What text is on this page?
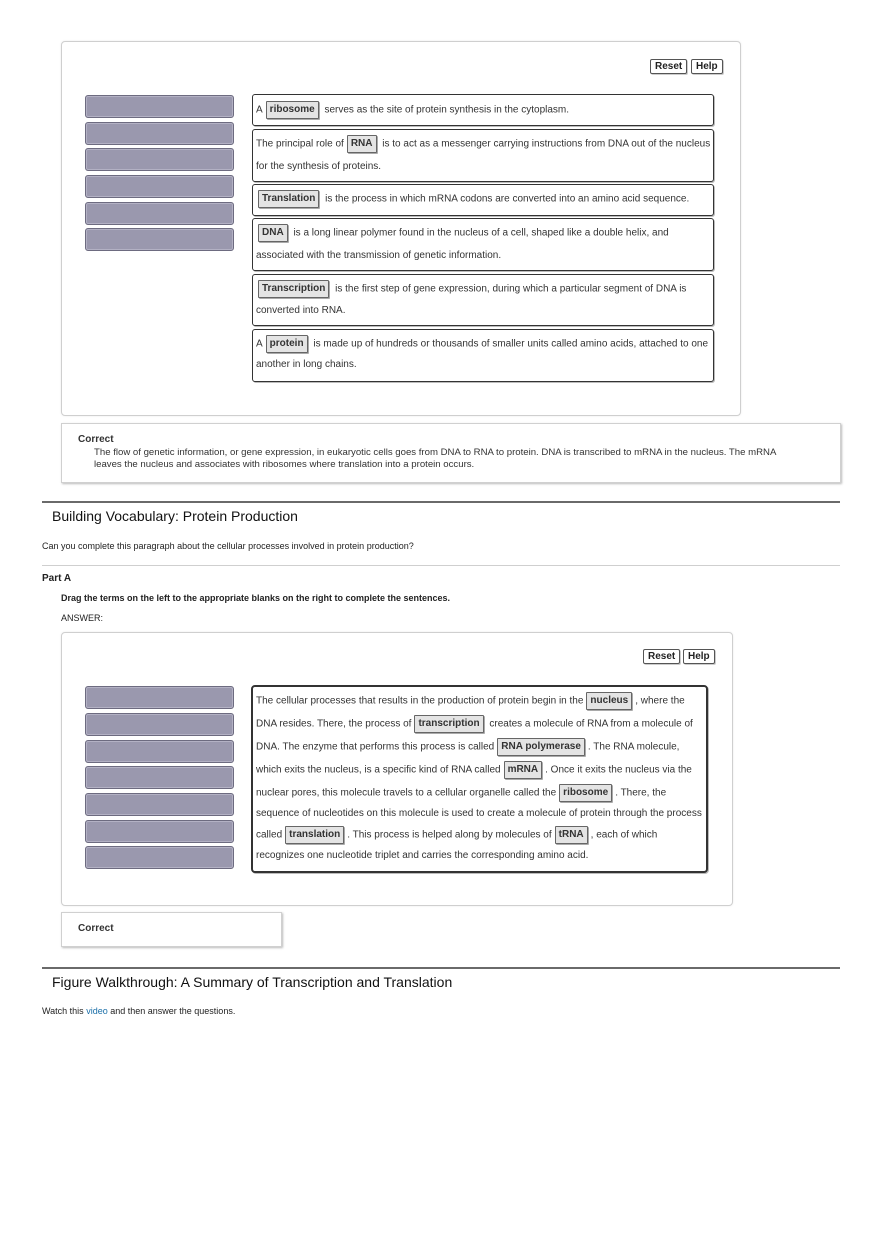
Reset	Help
A ribosome serves as the site of protein synthesis in the cytoplasm.
The principal role of RNA is to act as a messenger carrying instructions from DNA out of the nucleus
for the synthesis of proteins.
Translation is the process in which mRNA codons are converted into an amino acid sequence.
DNA is a long linear polymer found in the nucleus of a cell, shaped like a double helix, and
associated with the transmission of genetic information.
Transcription is the first step of gene expression, during which a particular segment of DNA is
converted into RNA.
A protein is made up of hundreds or thousands of smaller units called amino acids, attached to one
another in long chains.
Correct
The flow of genetic information, or gene expression, in eukaryotic cells goes from DNA to RNA to protein. DNA is transcribed to mRNA in the nucleus. The mRNA
leaves the nucleus and associates with ribosomes where translation into a protein occurs.
Building Vocabulary: Protein Production
Can you complete this paragraph about the cellular processes involved in protein production?
Part A
Drag the terms on the left to the appropriate blanks on the right to complete the sentences.
ANSWER:
Reset	Help
The cellular processes that results in the production of protein begin in the nucleus , where the
DNA resides. There, the process of transcription creates a molecule of RNA from a molecule of
DNA. The enzyme that performs this process is called RNA polymerase . The RNA molecule,
which exits the nucleus, is a specific kind of RNA called mRNA . Once it exits the nucleus via the
nuclear pores, this molecule travels to a cellular organelle called the ribosome . There, the
sequence of nucleotides on this molecule is used to create a molecule of protein through the process
called translation . This process is helped along by molecules of tRNA , each of which
recognizes one nucleotide triplet and carries the corresponding amino acid.
Correct
Figure Walkthrough: A Summary of Transcription and Translation
Watch this video and then answer the questions.
